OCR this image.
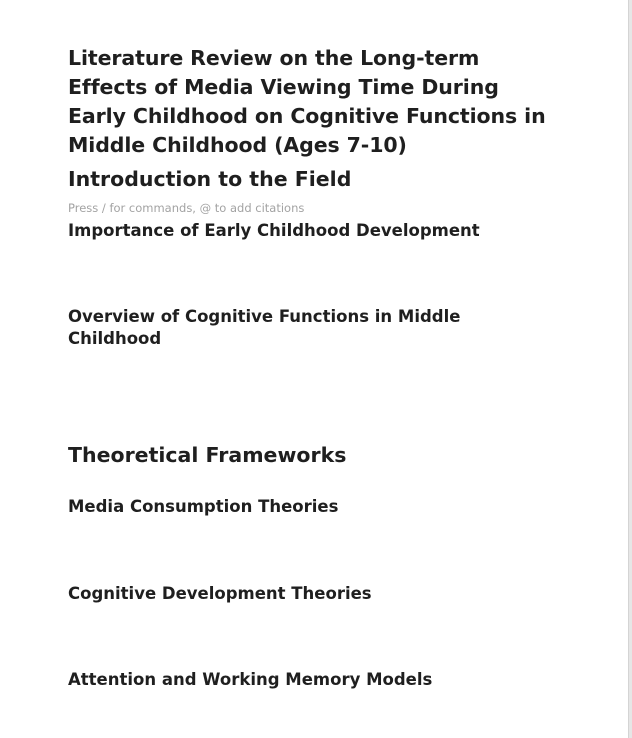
Literature Review on the Long-term Effects of Media Viewing Time During Early Childhood on Cognitive Functions in Middle Childhood (Ages 7-10)
Introduction to the Field
Press / for commands, @ to add citations
Importance of Early Childhood Development
Overview of Cognitive Functions in Middle Childhood
Theoretical Frameworks
Media Consumption Theories
Cognitive Development Theories
Attention and Working Memory Models
